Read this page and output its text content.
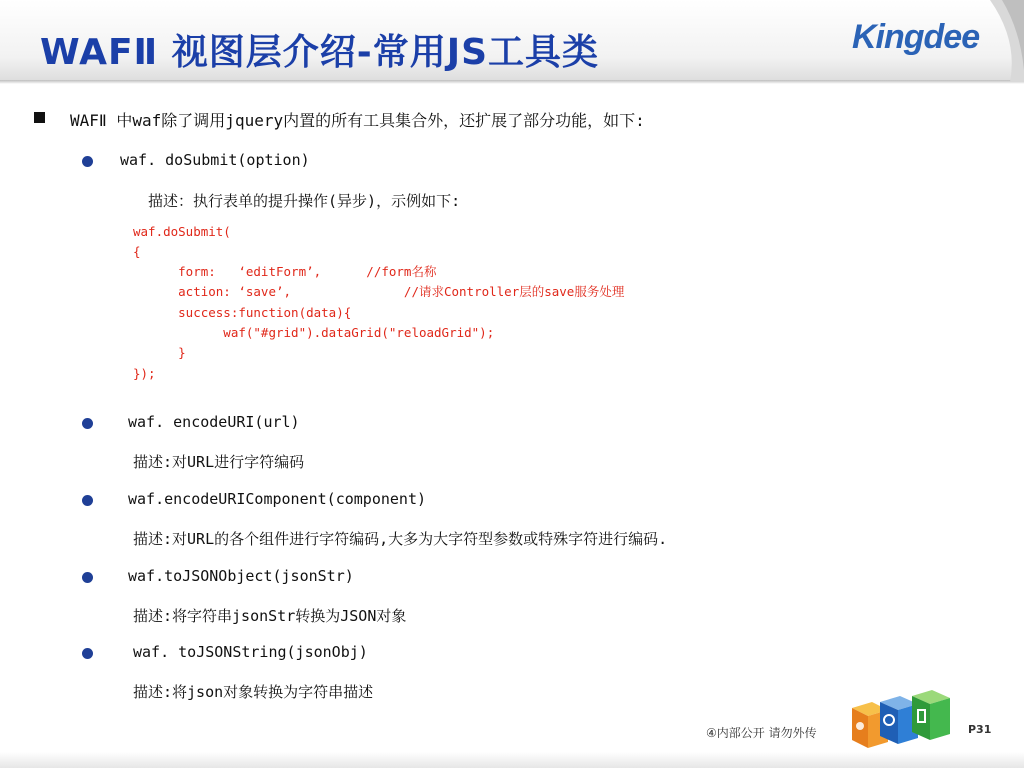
WAFⅡ 视图层介绍-常用JS工具类	Kingdee
WAFⅡ 中waf除了调用jquery内置的所有工具集合外，还扩展了部分功能，如下:
waf. doSubmit(option)
描述：执行表单的提升操作(异步)，示例如下:
waf.doSubmit(
{
form:   ‘editForm’,      //form名称
action: ‘save’,               //请求Controller层的save服务处理
success:function(data){
waf("#grid").dataGrid("reloadGrid");
}
});
waf. encodeURI(url)
描述:对URL进行字符编码
waf.encodeURIComponent(component)
描述:对URL的各个组件进行字符编码,大多为大字符型参数或特殊字符进行编码.
waf.toJSONObject(jsonStr)
描述:将字符串jsonStr转换为JSON对象
waf. toJSONString(jsonObj)
描述:将json对象转换为字符串描述
④内部公开 请勿外传	P31
